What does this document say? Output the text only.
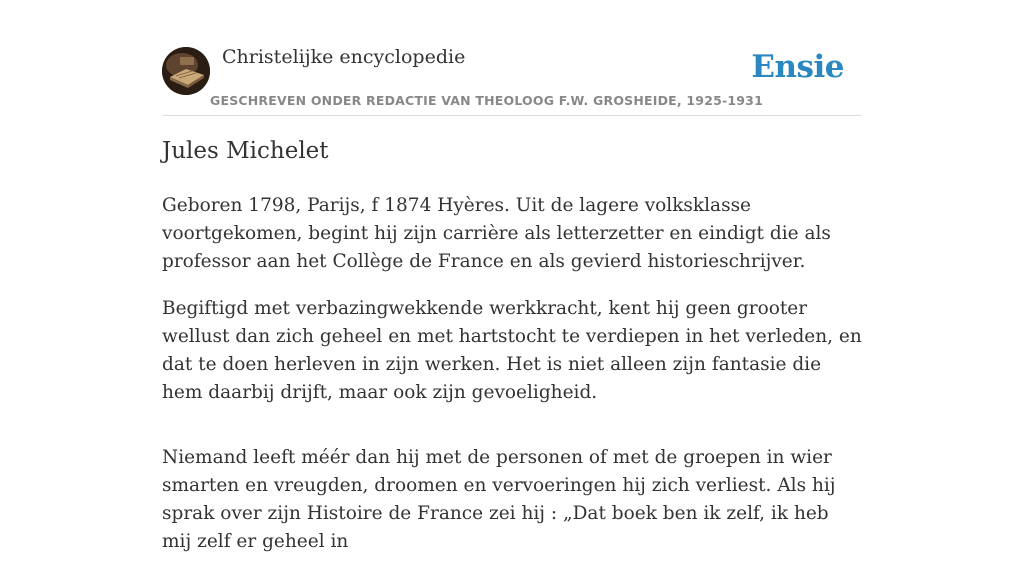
Christelijke encyclopedie
GESCHREVEN ONDER REDACTIE VAN THEOLOOG F.W. GROSHEIDE, 1925-1931
Ensie
Jules Michelet

Geboren 1798, Parijs, f 1874 Hyères. Uit de lagere volksklasse voortgekomen, begint hij zijn carrière als letterzetter en eindigt die als professor aan het Collège de France en als gevierd historieschrijver.

Begiftigd met verbazingwekkende werkkracht, kent hij geen grooter wellust dan zich geheel en met hartstocht te verdiepen in het verleden, en dat te doen herleven in zijn werken. Het is niet alleen zijn fantasie die hem daarbij drijft, maar ook zijn gevoeligheid.

Niemand leeft méér dan hij met de personen of met de groepen in wier smarten en vreugden, droomen en vervoeringen hij zich verliest. Als hij sprak over zijn Histoire de France zei hij : „Dat boek ben ik zelf, ik heb mij zelf er geheel in
